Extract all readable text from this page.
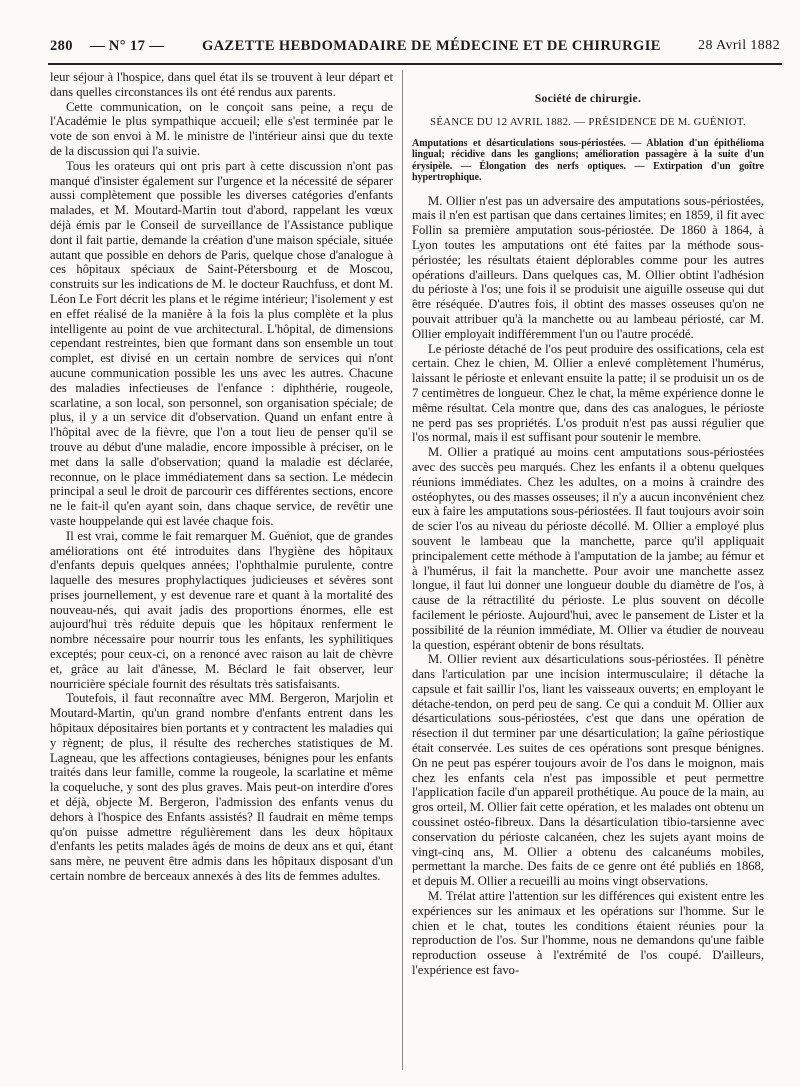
280 — N° 17 —	GAZETTE HEBDOMADAIRE DE MÉDECINE ET DE CHIRURGIE	28 Avril 1882

leur séjour à l'hospice, dans quel état ils se trouvent à leur départ et dans quelles circonstances ils ont été rendus aux parents.

Cette communication, on le conçoit sans peine, a reçu de l'Académie le plus sympathique accueil; elle s'est terminée par le vote de son envoi à M. le ministre de l'intérieur ainsi que du texte de la discussion qui l'a suivie.

Tous les orateurs qui ont pris part à cette discussion n'ont pas manqué d'insister également sur l'urgence et la nécessité de séparer aussi complètement que possible les diverses catégories d'enfants malades, et M. Moutard-Martin tout d'abord, rappelant les vœux déjà émis par le Conseil de surveillance de l'Assistance publique dont il fait partie, demande la création d'une maison spéciale, située autant que possible en dehors de Paris, quelque chose d'analogue à ces hôpitaux spéciaux de Saint-Pétersbourg et de Moscou, construits sur les indications de M. le docteur Rauchfuss, et dont M. Léon Le Fort décrit les plans et le régime intérieur; l'isolement y est en effet réalisé de la manière à la fois la plus complète et la plus intelligente au point de vue architectural. L'hôpital, de dimensions cependant restreintes, bien que formant dans son ensemble un tout complet, est divisé en un certain nombre de services qui n'ont aucune communication possible les uns avec les autres. Chacune des maladies infectieuses de l'enfance : diphthérie, rougeole, scarlatine, a son local, son personnel, son organisation spéciale; de plus, il y a un service dit d'observation. Quand un enfant entre à l'hôpital avec de la fièvre, que l'on a tout lieu de penser qu'il se trouve au début d'une maladie, encore impossible à préciser, on le met dans la salle d'observation; quand la maladie est déclarée, reconnue, on le place immédiatement dans sa section. Le médecin principal a seul le droit de parcourir ces différentes sections, encore ne le fait-il qu'en ayant soin, dans chaque service, de revêtir une vaste houppelande qui est lavée chaque fois.

Il est vrai, comme le fait remarquer M. Guéniot, que de grandes améliorations ont été introduites dans l'hygiène des hôpitaux d'enfants depuis quelques années; l'ophthalmie purulente, contre laquelle des mesures prophylactiques judicieuses et sévères sont prises journellement, y est devenue rare et quant à la mortalité des nouveau-nés, qui avait jadis des proportions énormes, elle est aujourd'hui très réduite depuis que les hôpitaux renferment le nombre nécessaire pour nourrir tous les enfants, les syphilitiques exceptés; pour ceux-ci, on a renoncé avec raison au lait de chèvre et, grâce au lait d'ânesse, M. Béclard le fait observer, leur nourricière spéciale fournit des résultats très satisfaisants.

Toutefois, il faut reconnaître avec MM. Bergeron, Marjolin et Moutard-Martin, qu'un grand nombre d'enfants entrent dans les hôpitaux dépositaires bien portants et y contractent les maladies qui y règnent; de plus, il résulte des recherches statistiques de M. Lagneau, que les affections contagieuses, bénignes pour les enfants traités dans leur famille, comme la rougeole, la scarlatine et même la coqueluche, y sont des plus graves. Mais peut-on interdire d'ores et déjà, objecte M. Bergeron, l'admission des enfants venus du dehors à l'hospice des Enfants assistés? Il faudrait en même temps qu'on puisse admettre régulièrement dans les deux hôpitaux d'enfants les petits malades âgés de moins de deux ans et qui, étant sans mère, ne peuvent être admis dans les hôpitaux disposant d'un certain nombre de berceaux annexés à des lits de femmes adultes.

Société de chirurgie.
SÉANCE DU 12 AVRIL 1882. — PRÉSIDENCE DE M. GUÉNIOT.
Amputations et désarticulations sous-périostées. — Ablation d'un épithélioma lingual; récidive dans les ganglions; amélioration passagère à la suite d'un érysipèle. — Élongation des nerfs optiques. — Extirpation d'un goître hypertrophique.

M. Ollier n'est pas un adversaire des amputations sous-périostées, mais il n'en est partisan que dans certaines limites; en 1859, il fit avec Follin sa première amputation sous-périostée. De 1860 à 1864, à Lyon toutes les amputations ont été faites par la méthode sous-périostée; les résultats étaient déplorables comme pour les autres opérations d'ailleurs. Dans quelques cas, M. Ollier obtint l'adhésion du périoste à l'os; une fois il se produisit une aiguille osseuse qui dut être réséquée. D'autres fois, il obtint des masses osseuses qu'on ne pouvait attribuer qu'à la manchette ou au lambeau périosté, car M. Ollier employait indifféremment l'un ou l'autre procédé.

Le périoste détaché de l'os peut produire des ossifications, cela est certain. Chez le chien, M. Ollier a enlevé complètement l'humérus, laissant le périoste et enlevant ensuite la patte; il se produisit un os de 7 centimètres de longueur. Chez le chat, la même expérience donne le même résultat. Cela montre que, dans des cas analogues, le périoste ne perd pas ses propriétés. L'os produit n'est pas aussi régulier que l'os normal, mais il est suffisant pour soutenir le membre.

M. Ollier a pratiqué au moins cent amputations sous-périostées avec des succès peu marqués. Chez les enfants il a obtenu quelques réunions immédiates. Chez les adultes, on a moins à craindre des ostéophytes, ou des masses osseuses; il n'y a aucun inconvénient chez eux à faire les amputations sous-périostées. Il faut toujours avoir soin de scier l'os au niveau du périoste décollé. M. Ollier a employé plus souvent le lambeau que la manchette, parce qu'il appliquait principalement cette méthode à l'amputation de la jambe; au fémur et à l'humérus, il fait la manchette. Pour avoir une manchette assez longue, il faut lui donner une longueur double du diamètre de l'os, à cause de la rétractilité du périoste. Le plus souvent on décolle facilement le périoste. Aujourd'hui, avec le pansement de Lister et la possibilité de la réunion immédiate, M. Ollier va étudier de nouveau la question, espérant obtenir de bons résultats.

M. Ollier revient aux désarticulations sous-périostées. Il pénètre dans l'articulation par une incision intermusculaire; il détache la capsule et fait saillir l'os, liant les vaisseaux ouverts; en employant le détache-tendon, on perd peu de sang. Ce qui a conduit M. Ollier aux désarticulations sous-périostées, c'est que dans une opération de résection il dut terminer par une désarticulation; la gaîne périostique était conservée. Les suites de ces opérations sont presque bénignes. On ne peut pas espérer toujours avoir de l'os dans le moignon, mais chez les enfants cela n'est pas impossible et peut permettre l'application facile d'un appareil prothétique. Au pouce de la main, au gros orteil, M. Ollier fait cette opération, et les malades ont obtenu un coussinet ostéo-fibreux. Dans la désarticulation tibio-tarsienne avec conservation du périoste calcanéen, chez les sujets ayant moins de vingt-cinq ans, M. Ollier a obtenu des calcanéums mobiles, permettant la marche. Des faits de ce genre ont été publiés en 1868, et depuis M. Ollier a recueilli au moins vingt observations.

M. Trélat attire l'attention sur les différences qui existent entre les expériences sur les animaux et les opérations sur l'homme. Sur le chien et le chat, toutes les conditions étaient réunies pour la reproduction de l'os. Sur l'homme, nous ne demandons qu'une faible reproduction osseuse à l'extrémité de l'os coupé. D'ailleurs, l'expérience est favo-
